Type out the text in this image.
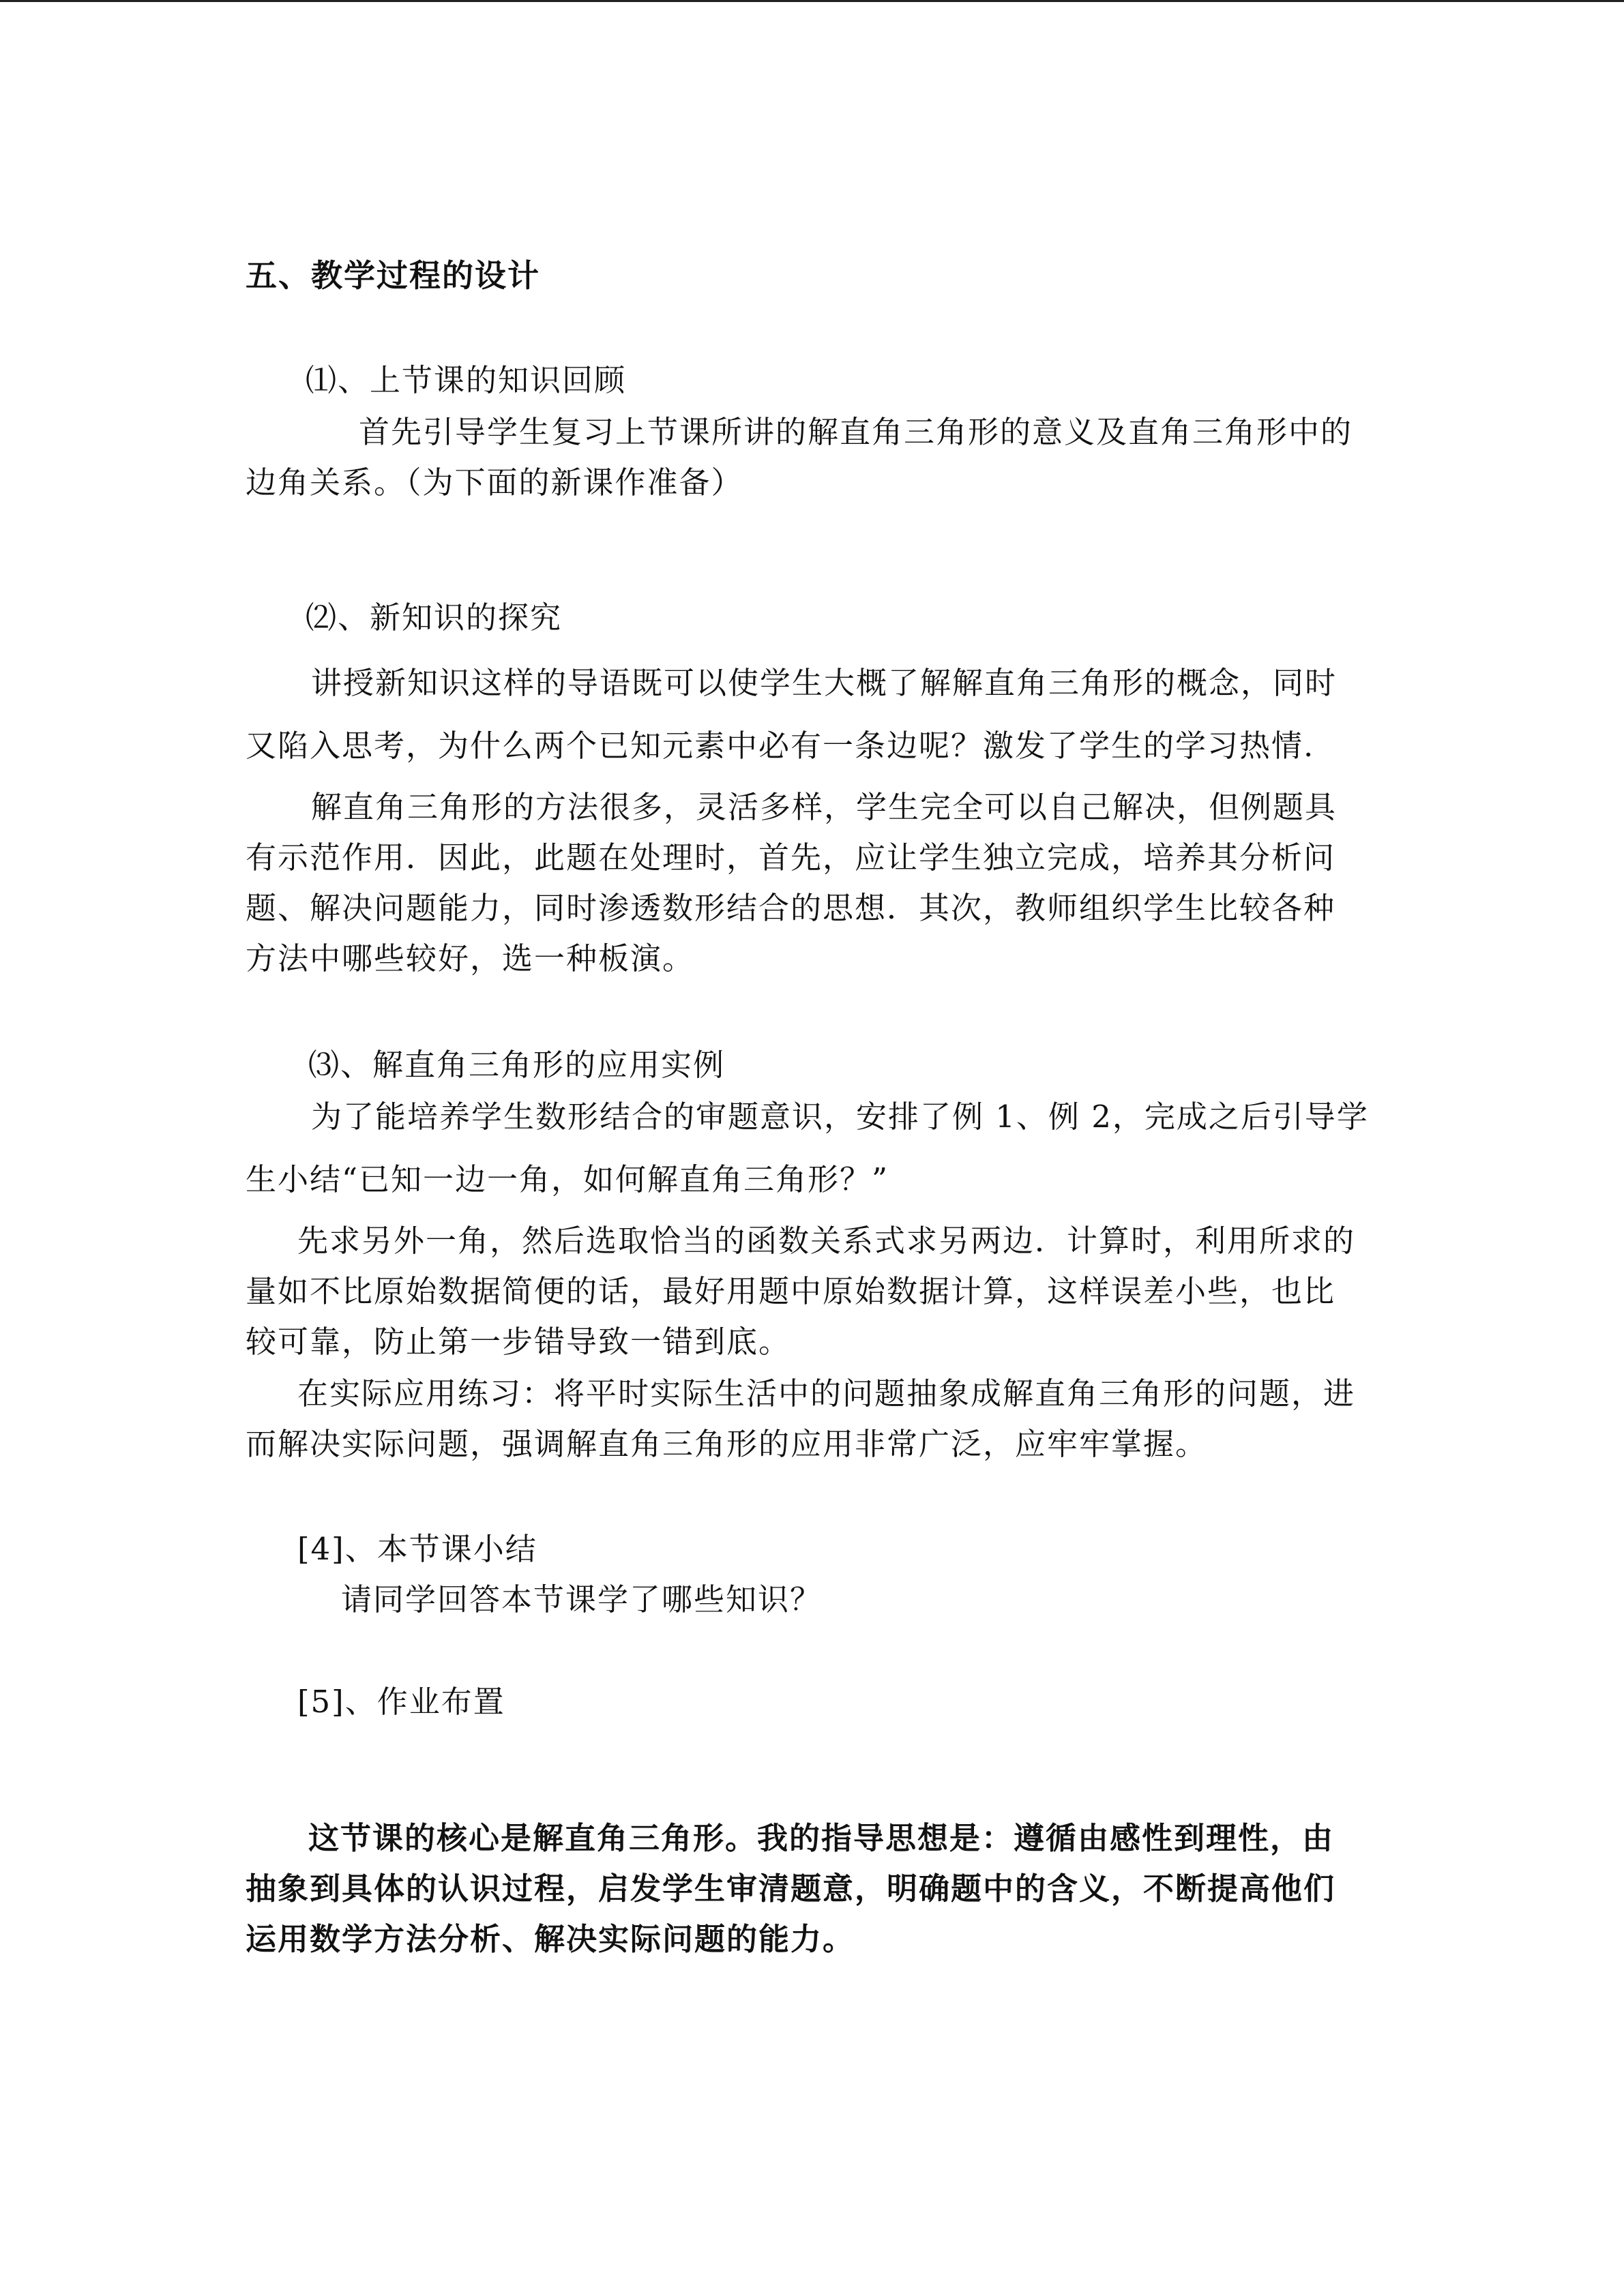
五、教学过程的设计
⑴、上节课的知识回顾
首先引导学生复习上节课所讲的解直角三角形的意义及直角三角形中的
边角关系。（为下面的新课作准备）
⑵、新知识的探究
讲授新知识这样的导语既可以使学生大概了解解直角三角形的概念，同时
又陷入思考，为什么两个已知元素中必有一条边呢？激发了学生的学习热情.
解直角三角形的方法很多，灵活多样，学生完全可以自己解决，但例题具
有示范作用．因此，此题在处理时，首先，应让学生独立完成，培养其分析问
题、解决问题能力，同时渗透数形结合的思想．其次，教师组织学生比较各种
方法中哪些较好，选一种板演。
⑶、解直角三角形的应用实例
为了能培养学生数形结合的审题意识，安排了例 1、例 2，完成之后引导学
生小结“已知一边一角，如何解直角三角形？”
先求另外一角，然后选取恰当的函数关系式求另两边．计算时，利用所求的
量如不比原始数据简便的话，最好用题中原始数据计算，这样误差小些，也比
较可靠，防止第一步错导致一错到底。
在实际应用练习：将平时实际生活中的问题抽象成解直角三角形的问题，进
而解决实际问题，强调解直角三角形的应用非常广泛，应牢牢掌握。
[4]、本节课小结
请同学回答本节课学了哪些知识？
[5]、作业布置
这节课的核心是解直角三角形。我的指导思想是：遵循由感性到理性，由
抽象到具体的认识过程，启发学生审清题意，明确题中的含义，不断提高他们
运用数学方法分析、解决实际问题的能力。
